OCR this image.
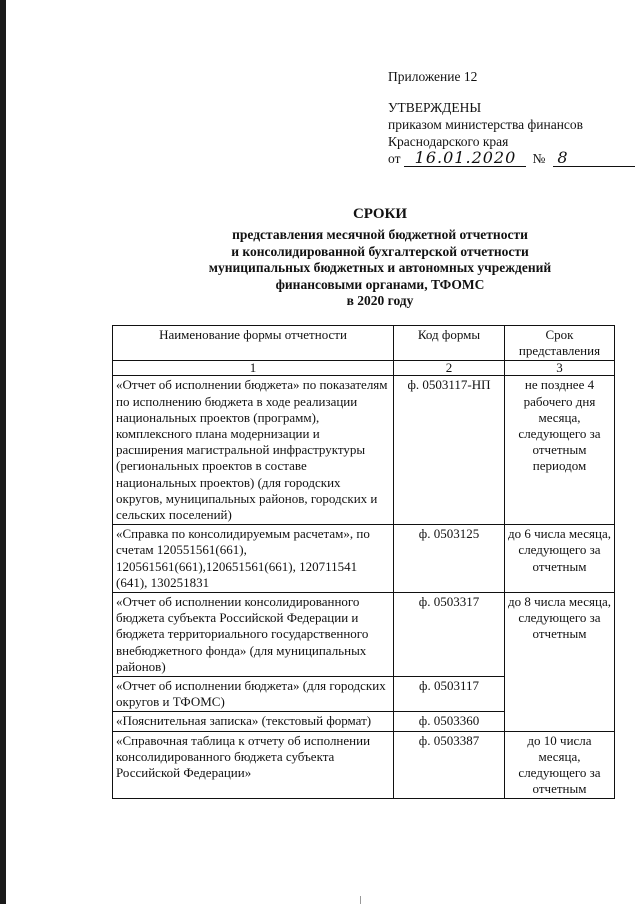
Приложение 12
УТВЕРЖДЕНЫ
приказом министерства финансов
Краснодарского края
от 16.01.2020	№ 8
СРОКИ
представления месячной бюджетной отчетности
и консолидированной бухгалтерской отчетности
муниципальных бюджетных и автономных учреждений
финансовыми органами, ТФОМС
в 2020 году
Наименование формы отчетности	Код формы	Срок представления
1	2	3
«Отчет об исполнении бюджета» по показателям по исполнению бюджета в ходе реализации национальных проектов (программ), комплексного плана модернизации и расширения магистральной инфраструктуры (региональных проектов в составе национальных проектов) (для городских округов, муниципальных районов, городских и сельских поселений)	ф. 0503117-НП	не позднее 4 рабочего дня месяца, следующего за отчетным периодом
«Справка по консолидируемым расчетам», по счетам 120551561(661), 120561561(661),120651561(661), 120711541 (641), 130251831	ф. 0503125	до 6 числа месяца, следующего за отчетным
«Отчет об исполнении консолидированного бюджета субъекта Российской Федерации и бюджета территориального государственного внебюджетного фонда» (для муниципальных районов)	ф. 0503317	до 8 числа месяца, следующего за отчетным
«Отчет об исполнении бюджета» (для городских округов и ТФОМС)	ф. 0503117	
«Пояснительная записка» (текстовый формат)	ф. 0503360	
«Справочная таблица к отчету об исполнении консолидированного бюджета субъекта Российской Федерации»	ф. 0503387	до 10 числа месяца, следующего за отчетным
